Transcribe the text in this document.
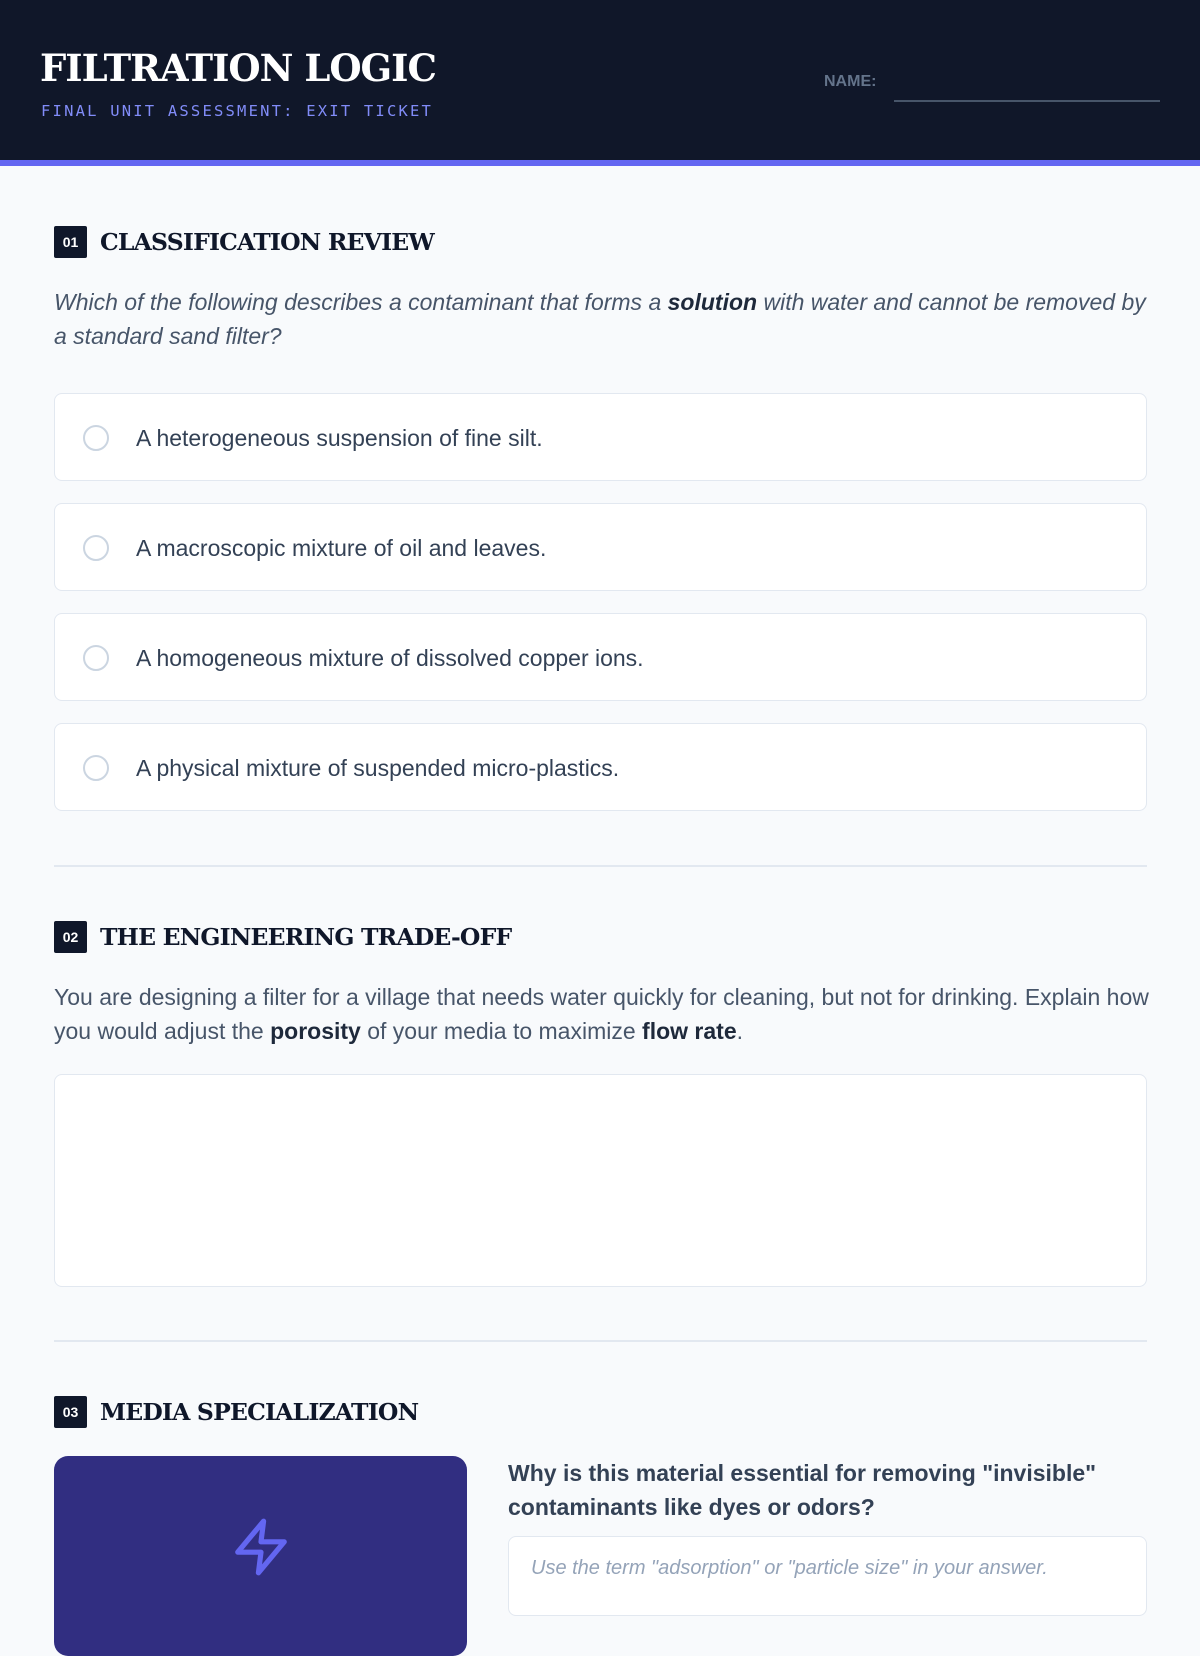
FILTRATION LOGIC
FINAL UNIT ASSESSMENT: EXIT TICKET
NAME:
01 CLASSIFICATION REVIEW

Which of the following describes a contaminant that forms a solution with water and cannot be removed by a standard sand filter?

A heterogeneous suspension of fine silt.
A macroscopic mixture of oil and leaves.
A homogeneous mixture of dissolved copper ions.
A physical mixture of suspended micro-plastics.
02 THE ENGINEERING TRADE-OFF

You are designing a filter for a village that needs water quickly for cleaning, but not for drinking. Explain how you would adjust the porosity of your media to maximize flow rate.

03 MEDIA SPECIALIZATION

Why is this material essential for removing "invisible" contaminants like dyes or odors?

Use the term "adsorption" or "particle size" in your answer.
